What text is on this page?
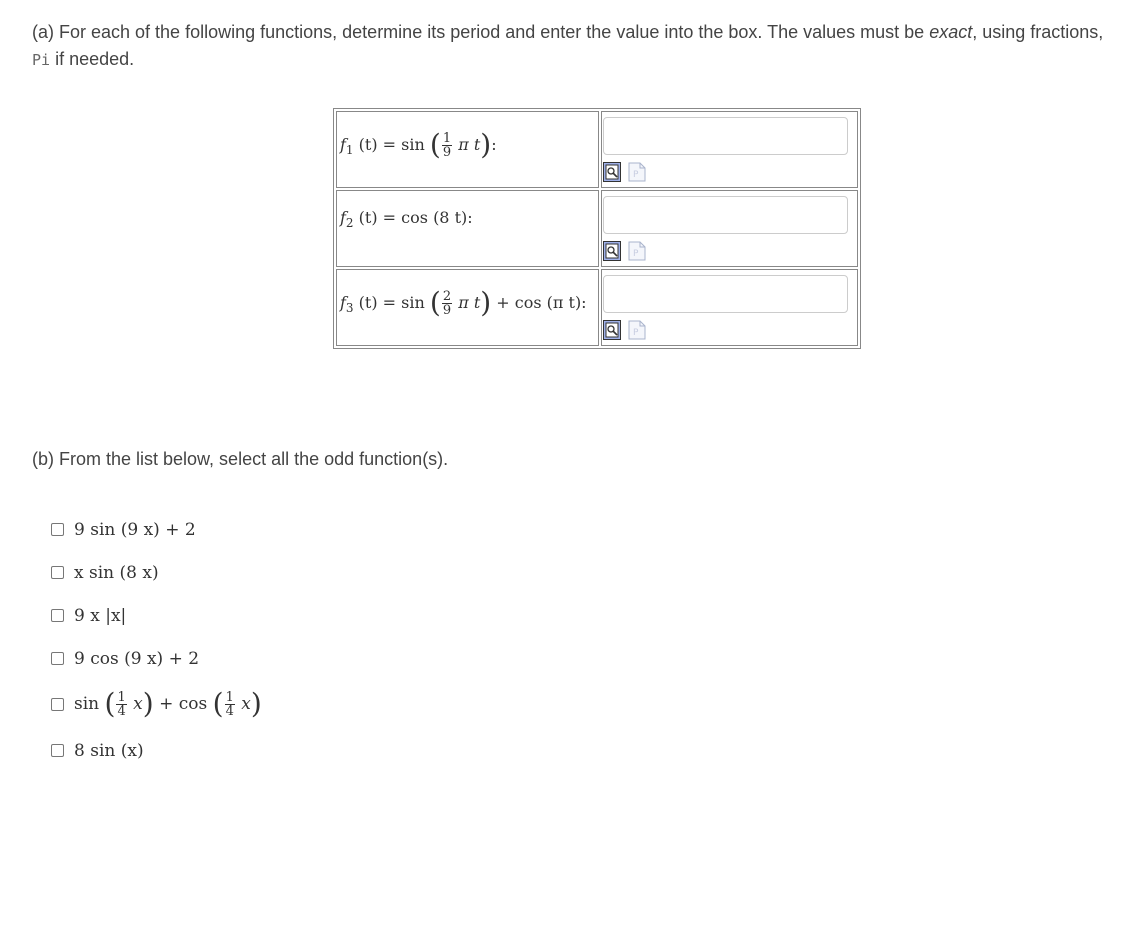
(a) For each of the following functions, determine its period and enter the value into the box. The values must be exact, using fractions, Pi if needed.
$f_1$ (t) = sin ( $\frac{1}{9}$ π t):	P

$f_2$ (t) = cos (8 t):	P

$f_3$ (t) = sin ( $\frac{2}{9}$ π t) + cos (π t):	P
(b) From the list below, select all the odd function(s).
9 sin (9 x) + 2
x sin (8 x)
9 x |x|
9 cos (9 x) + 2
sin ( $\frac{1}{4} x) + \cos$ ( $\frac{1}{4} x$)
8 sin (x)
